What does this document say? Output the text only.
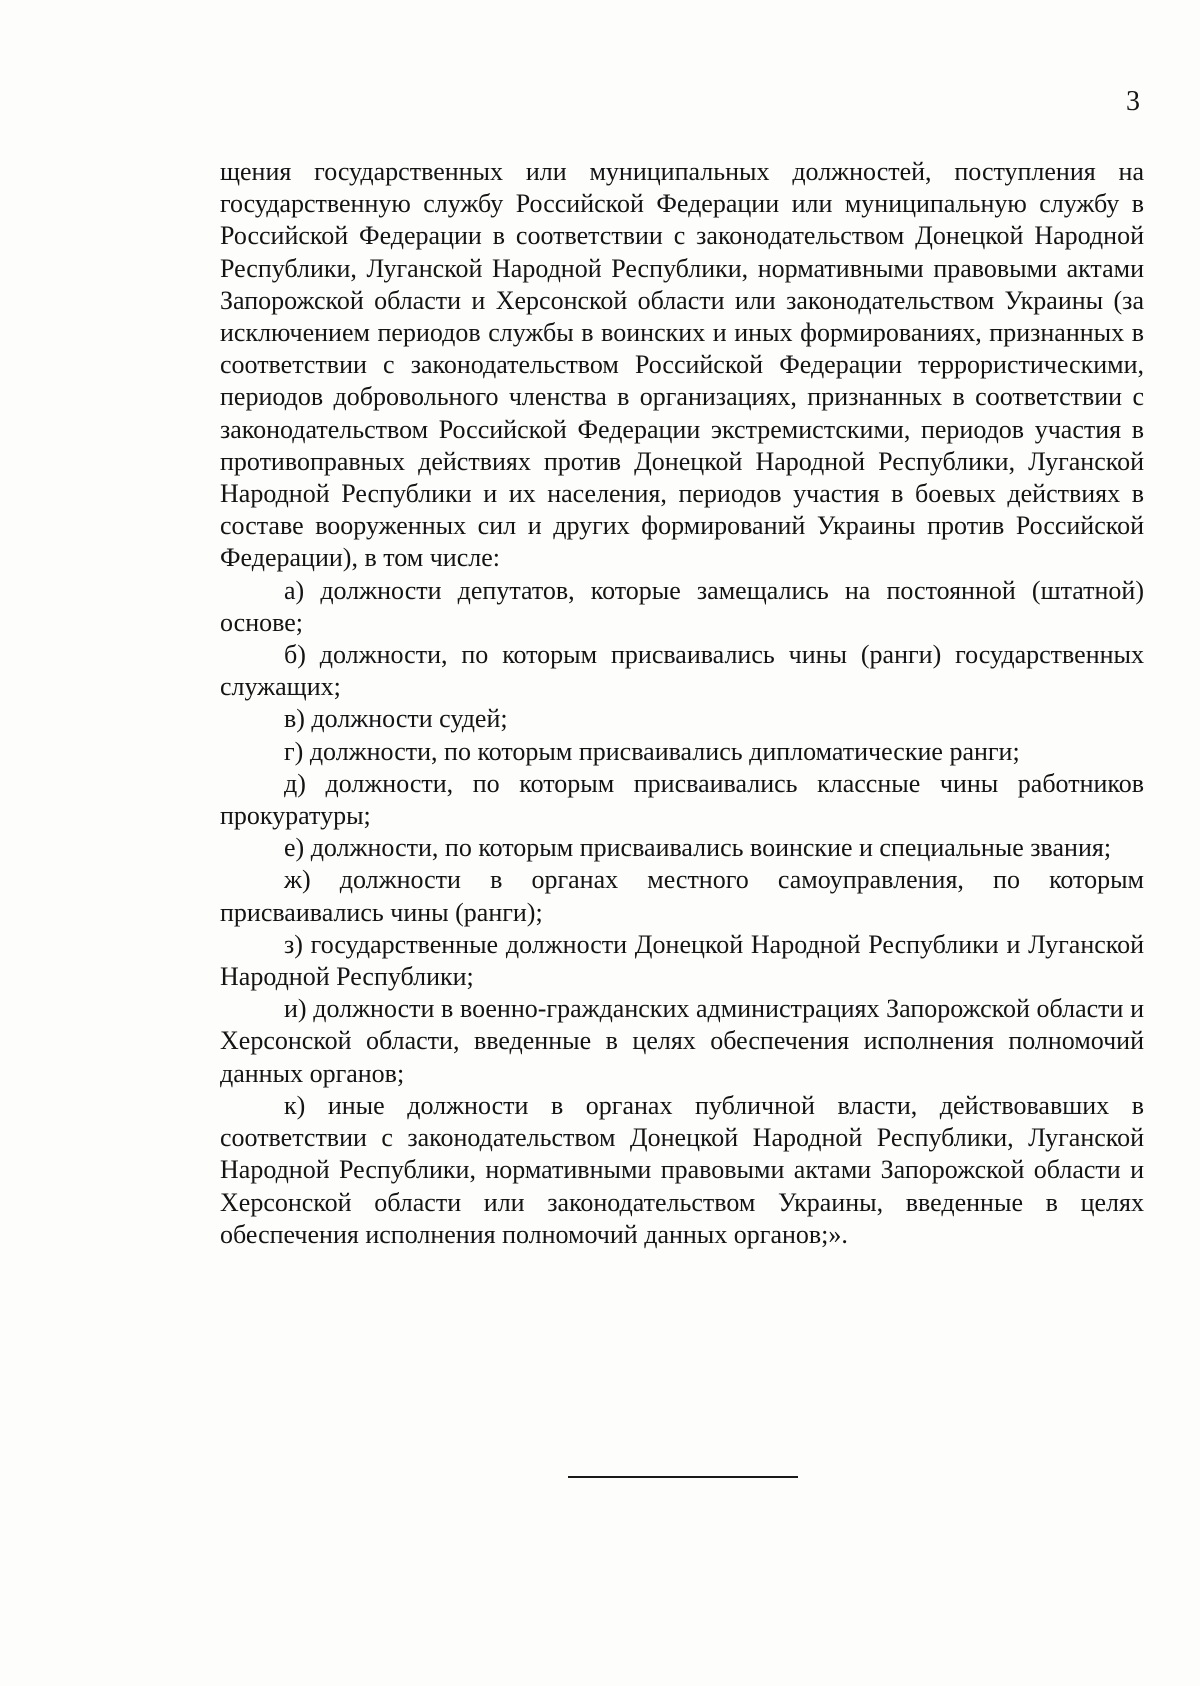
3

щения государственных или муниципальных должностей, поступления на государственную службу Российской Федерации или муниципальную службу в Российской Федерации в соответствии с законодательством Донецкой Народной Республики, Луганской Народной Республики, нормативными правовыми актами Запорожской области и Херсонской области или законодательством Украины (за исключением периодов службы в воинских и иных формированиях, признанных в соответствии с законодательством Российской Федерации террористическими, периодов добровольного членства в организациях, признанных в соответствии с законодательством Российской Федерации экстремистскими, периодов участия в противоправных действиях против Донецкой Народной Республики, Луганской Народной Республики и их населения, периодов участия в боевых действиях в составе вооруженных сил и других формирований Украины против Российской Федерации), в том числе:

а) должности депутатов, которые замещались на постоянной (штатной) основе;

б) должности, по которым присваивались чины (ранги) государственных служащих;

в) должности судей;

г) должности, по которым присваивались дипломатические ранги;

д) должности, по которым присваивались классные чины работников прокуратуры;

е) должности, по которым присваивались воинские и специальные звания;

ж) должности в органах местного самоуправления, по которым присваивались чины (ранги);

з) государственные должности Донецкой Народной Республики и Луганской Народной Республики;

и) должности в военно-гражданских администрациях Запорожской области и Херсонской области, введенные в целях обеспечения исполнения полномочий данных органов;

к) иные должности в органах публичной власти, действовавших в соответствии с законодательством Донецкой Народной Республики, Луганской Народной Республики, нормативными правовыми актами Запорожской области и Херсонской области или законодательством Украины, введенные в целях обеспечения исполнения полномочий данных органов;».
